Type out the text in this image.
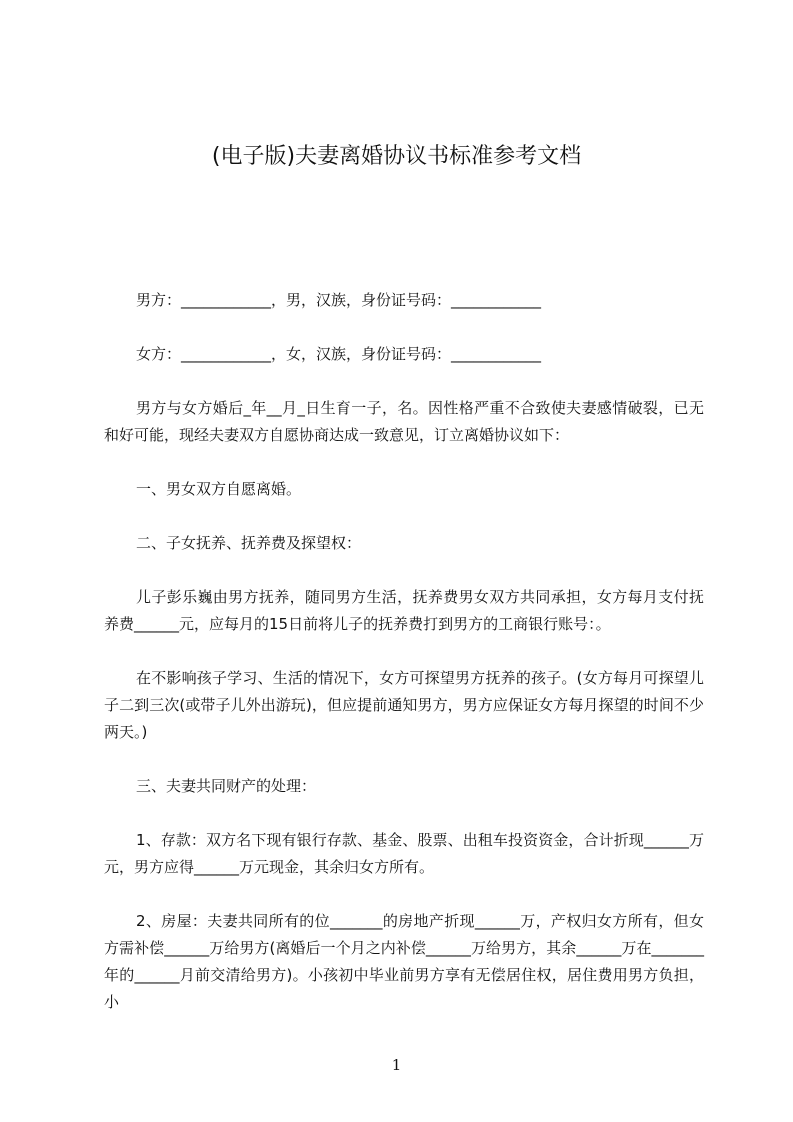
(电子版)夫妻离婚协议书标准参考文档

男方：____________，男，汉族，身份证号码：____________

女方：____________，女，汉族，身份证号码：____________

男方与女方婚后_年__月_日生育一子，名。因性格严重不合致使夫妻感情破裂，已无和好可能，现经夫妻双方自愿协商达成一致意见，订立离婚协议如下：

一、男女双方自愿离婚。

二、子女抚养、抚养费及探望权：

儿子彭乐巍由男方抚养，随同男方生活，抚养费男女双方共同承担，女方每月支付抚养费______元，应每月的15日前将儿子的抚养费打到男方的工商银行账号：。

在不影响孩子学习、生活的情况下，女方可探望男方抚养的孩子。(女方每月可探望儿子二到三次(或带子儿外出游玩)，但应提前通知男方，男方应保证女方每月探望的时间不少两天。)

三、夫妻共同财产的处理：

1、存款：双方名下现有银行存款、基金、股票、出租车投资资金，合计折现______万元，男方应得______万元现金，其余归女方所有。

2、房屋：夫妻共同所有的位_______的房地产折现______万，产权归女方所有，但女方需补偿______万给男方(离婚后一个月之内补偿______万给男方，其余______万在_______年的______月前交清给男方)。小孩初中毕业前男方享有无偿居住权，居住费用男方负担，小

1
